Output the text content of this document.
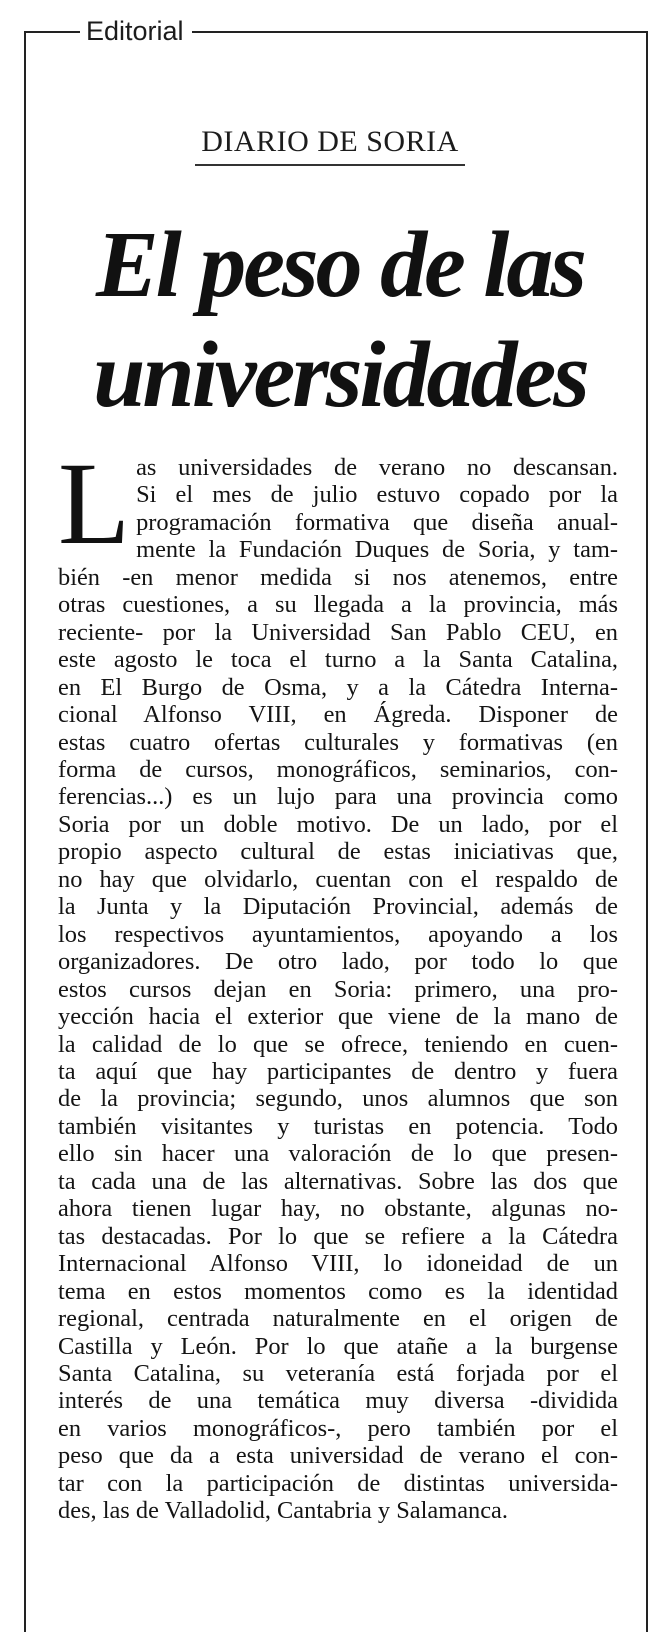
Editorial
DIARIO DE SORIA
El peso de las universidades
L as universidades de verano no descansan.
Si el mes de julio estuvo copado por la
programación formativa que diseña anual-
mente la Fundación Duques de Soria, y tam-
bién -en menor medida si nos atenemos, entre
otras cuestiones, a su llegada a la provincia, más
reciente- por la Universidad San Pablo CEU, en
este agosto le toca el turno a la Santa Catalina,
en El Burgo de Osma, y a la Cátedra Interna-
cional Alfonso VIII, en Ágreda. Disponer de
estas cuatro ofertas culturales y formativas (en
forma de cursos, monográficos, seminarios, con-
ferencias...) es un lujo para una provincia como
Soria por un doble motivo. De un lado, por el
propio aspecto cultural de estas iniciativas que,
no hay que olvidarlo, cuentan con el respaldo de
la Junta y la Diputación Provincial, además de
los respectivos ayuntamientos, apoyando a los
organizadores. De otro lado, por todo lo que
estos cursos dejan en Soria: primero, una pro-
yección hacia el exterior que viene de la mano de
la calidad de lo que se ofrece, teniendo en cuen-
ta aquí que hay participantes de dentro y fuera
de la provincia; segundo, unos alumnos que son
también visitantes y turistas en potencia. Todo
ello sin hacer una valoración de lo que presen-
ta cada una de las alternativas. Sobre las dos que
ahora tienen lugar hay, no obstante, algunas no-
tas destacadas. Por lo que se refiere a la Cátedra
Internacional Alfonso VIII, lo idoneidad de un
tema en estos momentos como es la identidad
regional, centrada naturalmente en el origen de
Castilla y León. Por lo que atañe a la burgense
Santa Catalina, su veteranía está forjada por el
interés de una temática muy diversa -dividida
en varios monográficos-, pero también por el
peso que da a esta universidad de verano el con-
tar con la participación de distintas universida-
des, las de Valladolid, Cantabria y Salamanca.
